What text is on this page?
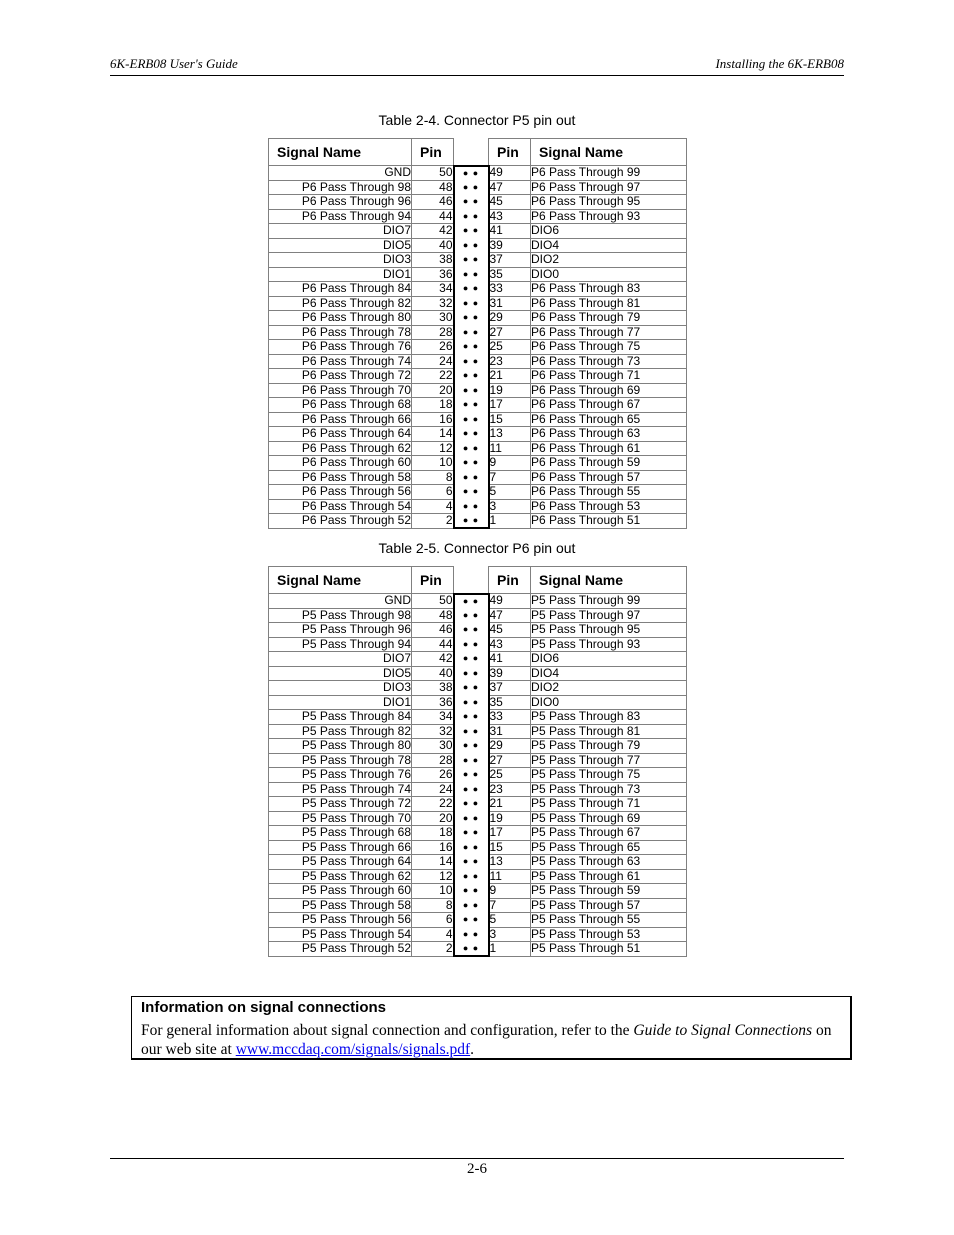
6K-ERB08 User's Guide	Installing the 6K-ERB08
Table 2-4. Connector P5 pin out
Signal Name	Pin		Pin	Signal Name
GND	50	● ●	49	P6 Pass Through 99
P6 Pass Through 98	48	● ●	47	P6 Pass Through 97
P6 Pass Through 96	46	● ●	45	P6 Pass Through 95
P6 Pass Through 94	44	● ●	43	P6 Pass Through 93
DIO7	42	● ●	41	DIO6
DIO5	40	● ●	39	DIO4
DIO3	38	● ●	37	DIO2
DIO1	36	● ●	35	DIO0
P6 Pass Through 84	34	● ●	33	P6 Pass Through 83
P6 Pass Through 82	32	● ●	31	P6 Pass Through 81
P6 Pass Through 80	30	● ●	29	P6 Pass Through 79
P6 Pass Through 78	28	● ●	27	P6 Pass Through 77
P6 Pass Through 76	26	● ●	25	P6 Pass Through 75
P6 Pass Through 74	24	● ●	23	P6 Pass Through 73
P6 Pass Through 72	22	● ●	21	P6 Pass Through 71
P6 Pass Through 70	20	● ●	19	P6 Pass Through 69
P6 Pass Through 68	18	● ●	17	P6 Pass Through 67
P6 Pass Through 66	16	● ●	15	P6 Pass Through 65
P6 Pass Through 64	14	● ●	13	P6 Pass Through 63
P6 Pass Through 62	12	● ●	11	P6 Pass Through 61
P6 Pass Through 60	10	● ●	9	P6 Pass Through 59
P6 Pass Through 58	8	● ●	7	P6 Pass Through 57
P6 Pass Through 56	6	● ●	5	P6 Pass Through 55
P6 Pass Through 54	4	● ●	3	P6 Pass Through 53
P6 Pass Through 52	2	● ●	1	P6 Pass Through 51
Table 2-5. Connector P6 pin out
Signal Name	Pin		Pin	Signal Name
GND	50	● ●	49	P5 Pass Through 99
P5 Pass Through 98	48	● ●	47	P5 Pass Through 97
P5 Pass Through 96	46	● ●	45	P5 Pass Through 95
P5 Pass Through 94	44	● ●	43	P5 Pass Through 93
DIO7	42	● ●	41	DIO6
DIO5	40	● ●	39	DIO4
DIO3	38	● ●	37	DIO2
DIO1	36	● ●	35	DIO0
P5 Pass Through 84	34	● ●	33	P5 Pass Through 83
P5 Pass Through 82	32	● ●	31	P5 Pass Through 81
P5 Pass Through 80	30	● ●	29	P5 Pass Through 79
P5 Pass Through 78	28	● ●	27	P5 Pass Through 77
P5 Pass Through 76	26	● ●	25	P5 Pass Through 75
P5 Pass Through 74	24	● ●	23	P5 Pass Through 73
P5 Pass Through 72	22	● ●	21	P5 Pass Through 71
P5 Pass Through 70	20	● ●	19	P5 Pass Through 69
P5 Pass Through 68	18	● ●	17	P5 Pass Through 67
P5 Pass Through 66	16	● ●	15	P5 Pass Through 65
P5 Pass Through 64	14	● ●	13	P5 Pass Through 63
P5 Pass Through 62	12	● ●	11	P5 Pass Through 61
P5 Pass Through 60	10	● ●	9	P5 Pass Through 59
P5 Pass Through 58	8	● ●	7	P5 Pass Through 57
P5 Pass Through 56	6	● ●	5	P5 Pass Through 55
P5 Pass Through 54	4	● ●	3	P5 Pass Through 53
P5 Pass Through 52	2	● ●	1	P5 Pass Through 51
Information on signal connections
For general information about signal connection and configuration, refer to the Guide to Signal Connections on our web site at www.mccdaq.com/signals/signals.pdf.
2-6
